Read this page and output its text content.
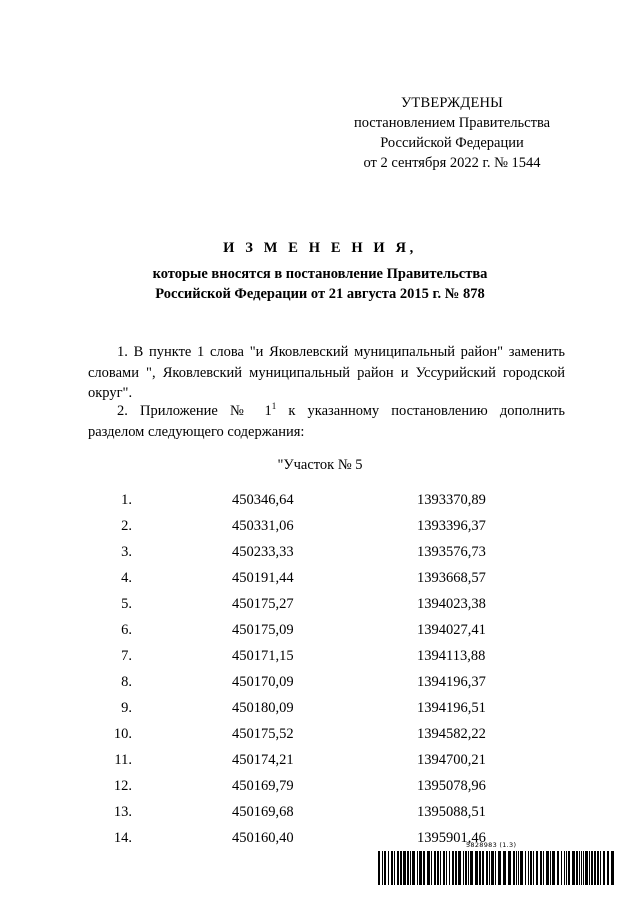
УТВЕРЖДЕНЫ
постановлением Правительства
Российской Федерации
от 2 сентября 2022 г. № 1544
И З М Е Н Е Н И Я,
которые вносятся в постановление Правительства
Российской Федерации от 21 августа 2015 г. № 878

1. В пункте 1 слова "и Яковлевский муниципальный район" заменить словами ", Яковлевский муниципальный район и Уссурийский городской округ".

2. Приложение № $1^1$ к указанному постановлению дополнить
разделом следующего содержания:
"Участок № 5
1.	450346,64	1393370,89
2.	450331,06	1393396,37
3.	450233,33	1393576,73
4.	450191,44	1393668,57
5.	450175,27	1394023,38
6.	450175,09	1394027,41
7.	450171,15	1394113,88
8.	450170,09	1394196,37
9.	450180,09	1394196,51
10.	450175,52	1394582,22
11.	450174,21	1394700,21
12.	450169,79	1395078,96
13.	450169,68	1395088,51
14.	450160,40	1395901,46
5828983 (1.3)
